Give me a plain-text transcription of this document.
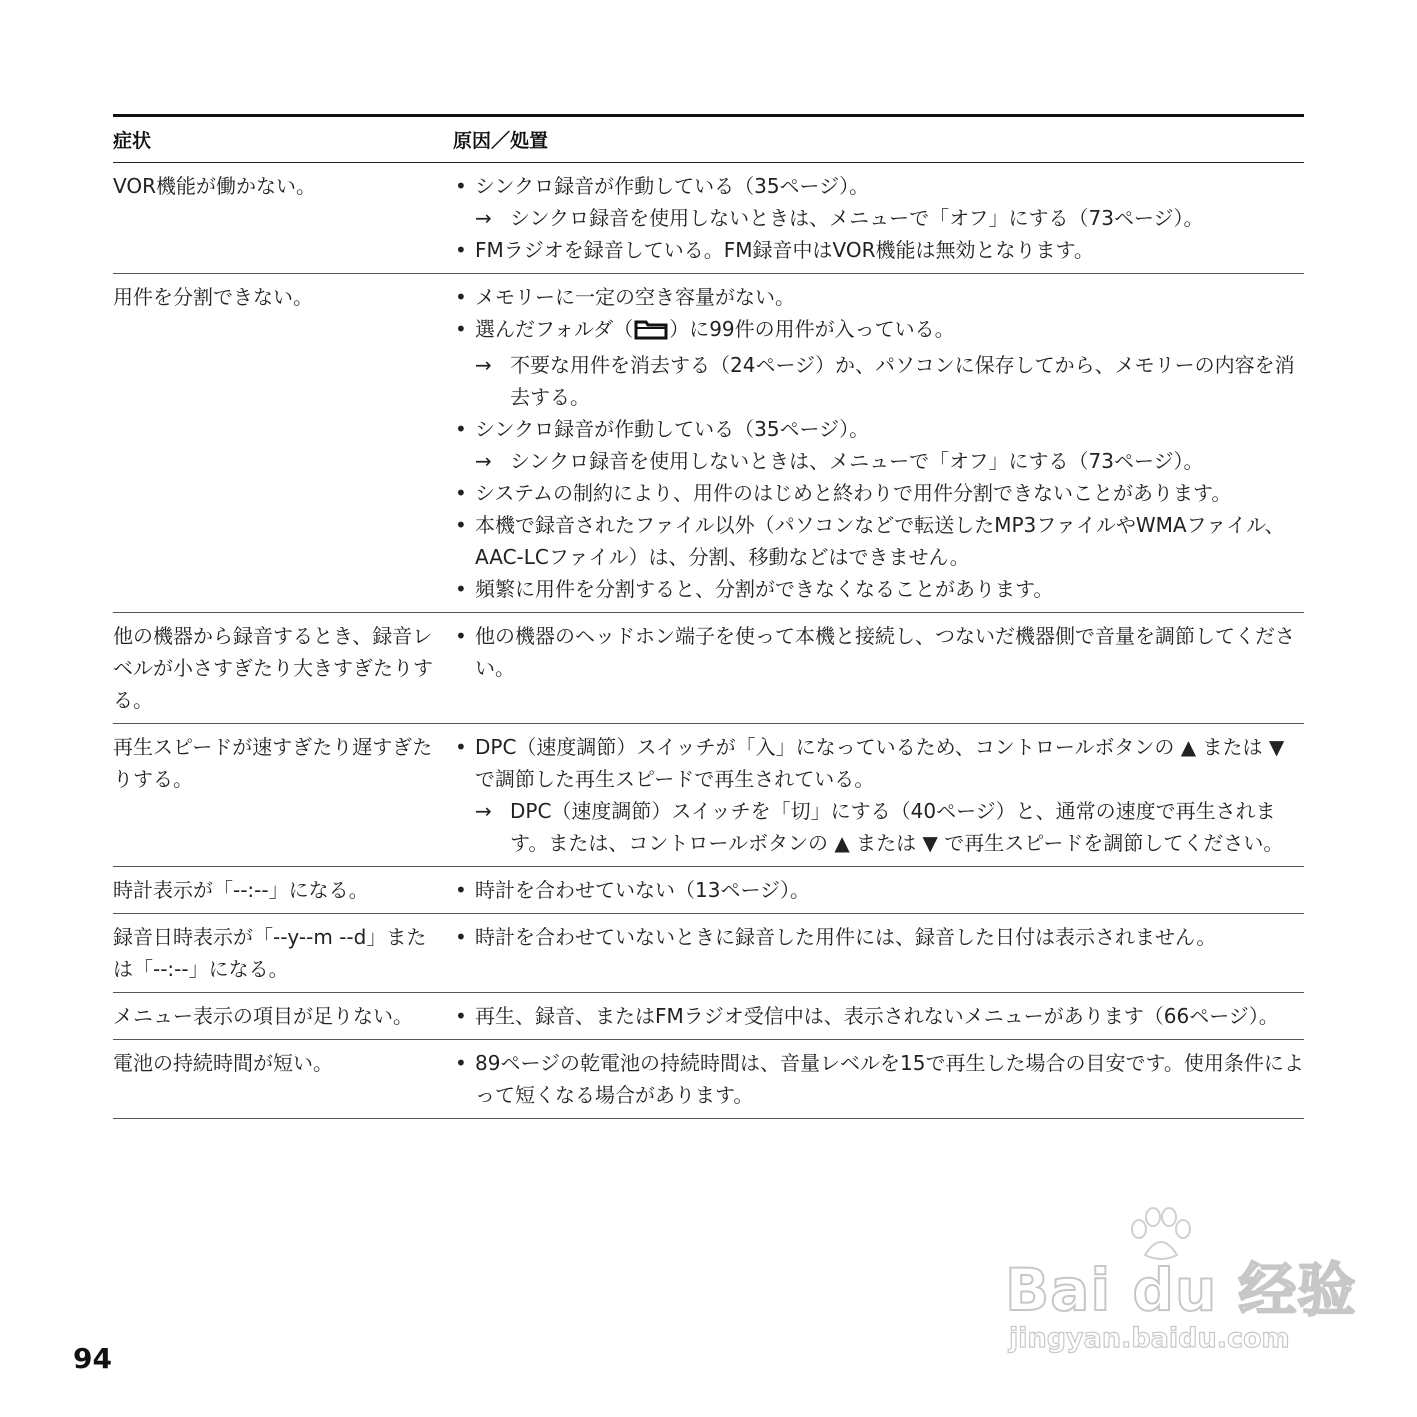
症状	原因／処置
VOR機能が働かない。	• シンクロ録音が作動している（35ページ）。
→ シンクロ録音を使用しないときは、メニューで「オフ」にする（73ページ）。
• FMラジオを録音している。FM録音中はVOR機能は無効となります。
用件を分割できない。	• メモリーに一定の空き容量がない。
• 選んだフォルダ（ ）に99件の用件が入っている。
→ 不要な用件を消去する（24ページ）か、パソコンに保存してから、メモリーの内容を消去する。
• シンクロ録音が作動している（35ページ）。
→ シンクロ録音を使用しないときは、メニューで「オフ」にする（73ページ）。
• システムの制約により、用件のはじめと終わりで用件分割できないことがあります。
• 本機で録音されたファイル以外（パソコンなどで転送したMP3ファイルやWMAファイル、AAC-LCファイル）は、分割、移動などはできません。
• 頻繁に用件を分割すると、分割ができなくなることがあります。
他の機器から録音するとき、録音レベルが小さすぎたり大きすぎたりする。
• 他の機器のヘッドホン端子を使って本機と接続し、つないだ機器側で音量を調節してください。
再生スピードが速すぎたり遅すぎたりする。
• DPC（速度調節）スイッチが「入」になっているため、コントロールボタンの ▲ または ▼ で調節した再生スピードで再生されている。
→ DPC（速度調節）スイッチを「切」にする（40ページ）と、通常の速度で再生されます。または、コントロールボタンの ▲ または ▼ で再生スピードを調節してください。
時計表示が「--:--」になる。	• 時計を合わせていない（13ページ）。
録音日時表示が「--y--m --d」または「--:--」になる。
• 時計を合わせていないときに録音した用件には、録音した日付は表示されません。
メニュー表示の項目が足りない。	• 再生、録音、またはFMラジオ受信中は、表示されないメニューがあります（66ページ）。
電池の持続時間が短い。	• 89ページの乾電池の持続時間は、音量レベルを15で再生した場合の目安です。使用条件によって短くなる場合があります。
94
Bai du 经验
jingyan.baidu.com
